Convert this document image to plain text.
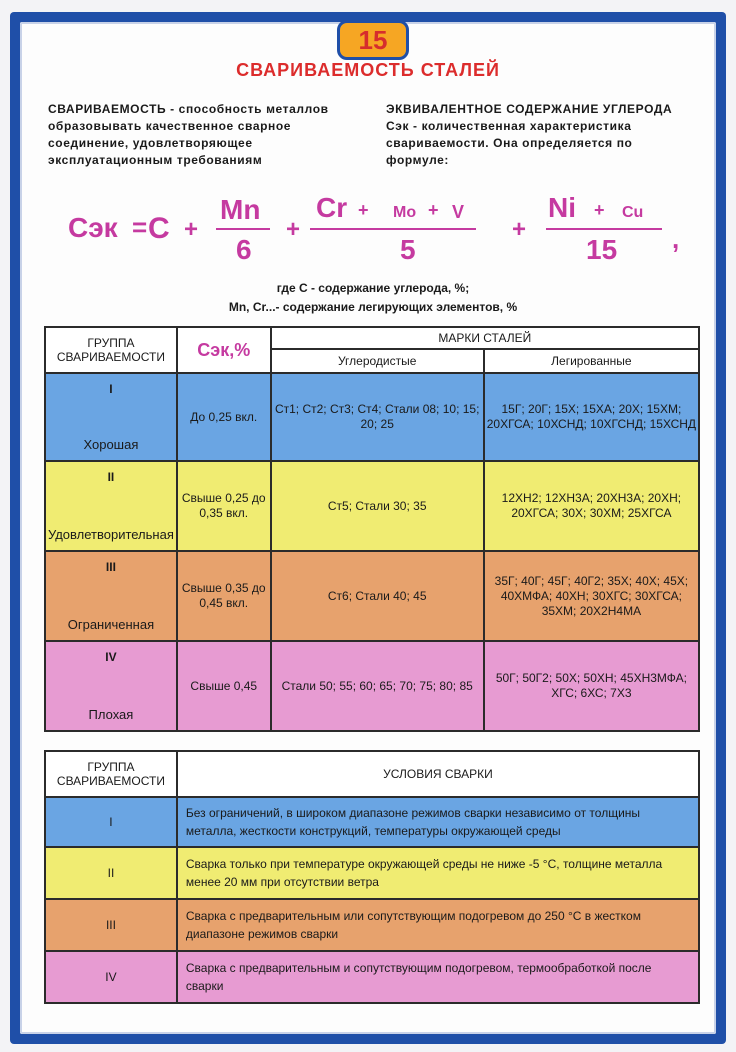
15
СВАРИВАЕМОСТЬ СТАЛЕЙ
СВАРИВАЕМОСТЬ - способность металлов образовывать качественное сварное соединение, удовлетворяющее эксплуатационным требованиям
ЭКВИВАЛЕНТНОЕ СОДЕРЖАНИЕ УГЛЕРОДА Сэк - количественная характеристика свариваемости. Она определяется по формуле:
Сэк = С +
Mn
6
+
Cr + Mo + V
5
+
Ni + Cu
15 ,
где С - содержание углерода, %;
Mn, Cr...- содержание легирующих элементов, %
ГРУППА СВАРИВАЕМОСТИ	Сэк,%	МАРКИ СТАЛЕЙ	
		Углеродистые	Легированные

I
Хорошая	До 0,25 вкл.	Ст1; Ст2; Ст3; Ст4; Стали 08; 10; 15; 20; 25	15Г; 20Г; 15Х; 15ХА; 20Х; 15ХМ; 20ХГСА; 10ХСНД; 10ХГСНД; 15ХСНД

II
Удовлетворительная	Свыше 0,25 до 0,35 вкл.	Ст5; Стали 30; 35	12ХН2; 12ХН3А; 20ХН3А; 20ХН; 20ХГСА; 30Х; 30ХМ; 25ХГСА

III
Ограниченная	Свыше 0,35 до 0,45 вкл.	Ст6; Стали 40; 45	35Г; 40Г; 45Г; 40Г2; 35Х; 40Х; 45Х; 40ХМФА; 40ХН; 30ХГС; 30ХГСА; 35ХМ; 20Х2Н4МА

IV
Плохая	Свыше 0,45	Стали 50; 55; 60; 65; 70; 75; 80; 85	50Г; 50Г2; 50Х; 50ХН; 45ХН3МФА; ХГС; 6ХС; 7Х3
ГРУППА СВАРИВАЕМОСТИ	УСЛОВИЯ СВАРКИ
I	Без ограничений, в широком диапазоне режимов сварки независимо от толщины металла, жесткости конструкций, температуры окружающей среды
II	Сварка только при температуре окружающей среды не ниже -5 °С, толщине металла менее 20 мм при отсутствии ветра
III	Сварка с предварительным или сопутствующим подогревом до 250 °С в жестком диапазоне режимов сварки
IV	Сварка с предварительным и сопутствующим подогревом, термообработкой после сварки
